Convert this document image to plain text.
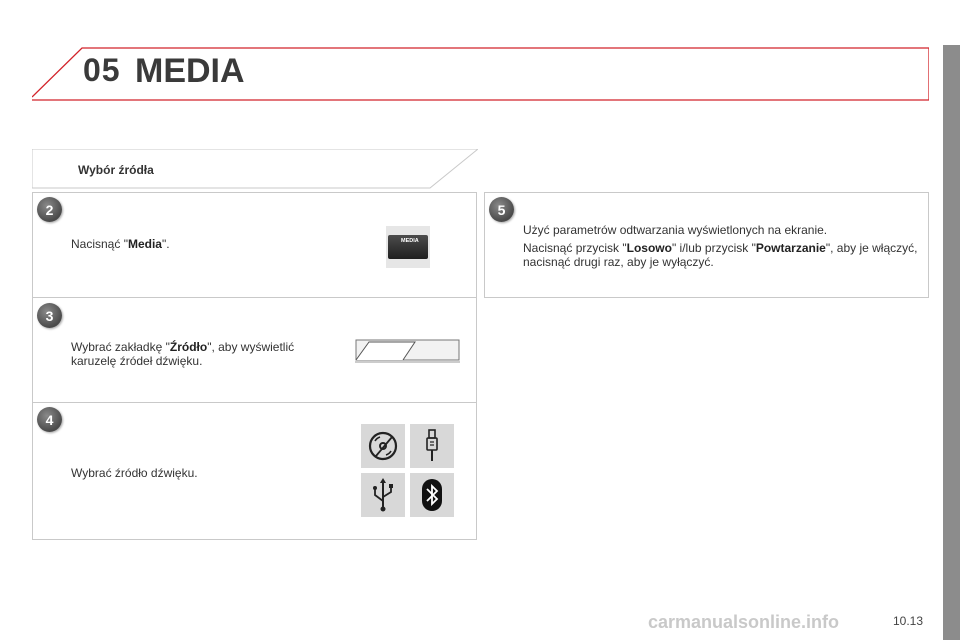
05 MEDIA
Wybór źródła
2
Nacisnąć "Media".	MEDIA
3
Wybrać zakładkę "Źródło", aby wyświetlić karuzelę źródeł dźwięku.
4
Wybrać źródło dźwięku.
5
Użyć parametrów odtwarzania wyświetlonych na ekranie.
Nacisnąć przycisk "Losowo" i/lub przycisk "Powtarzanie", aby je włączyć, nacisnąć drugi raz, aby je wyłączyć.
carmanualsonline.info	10.13
